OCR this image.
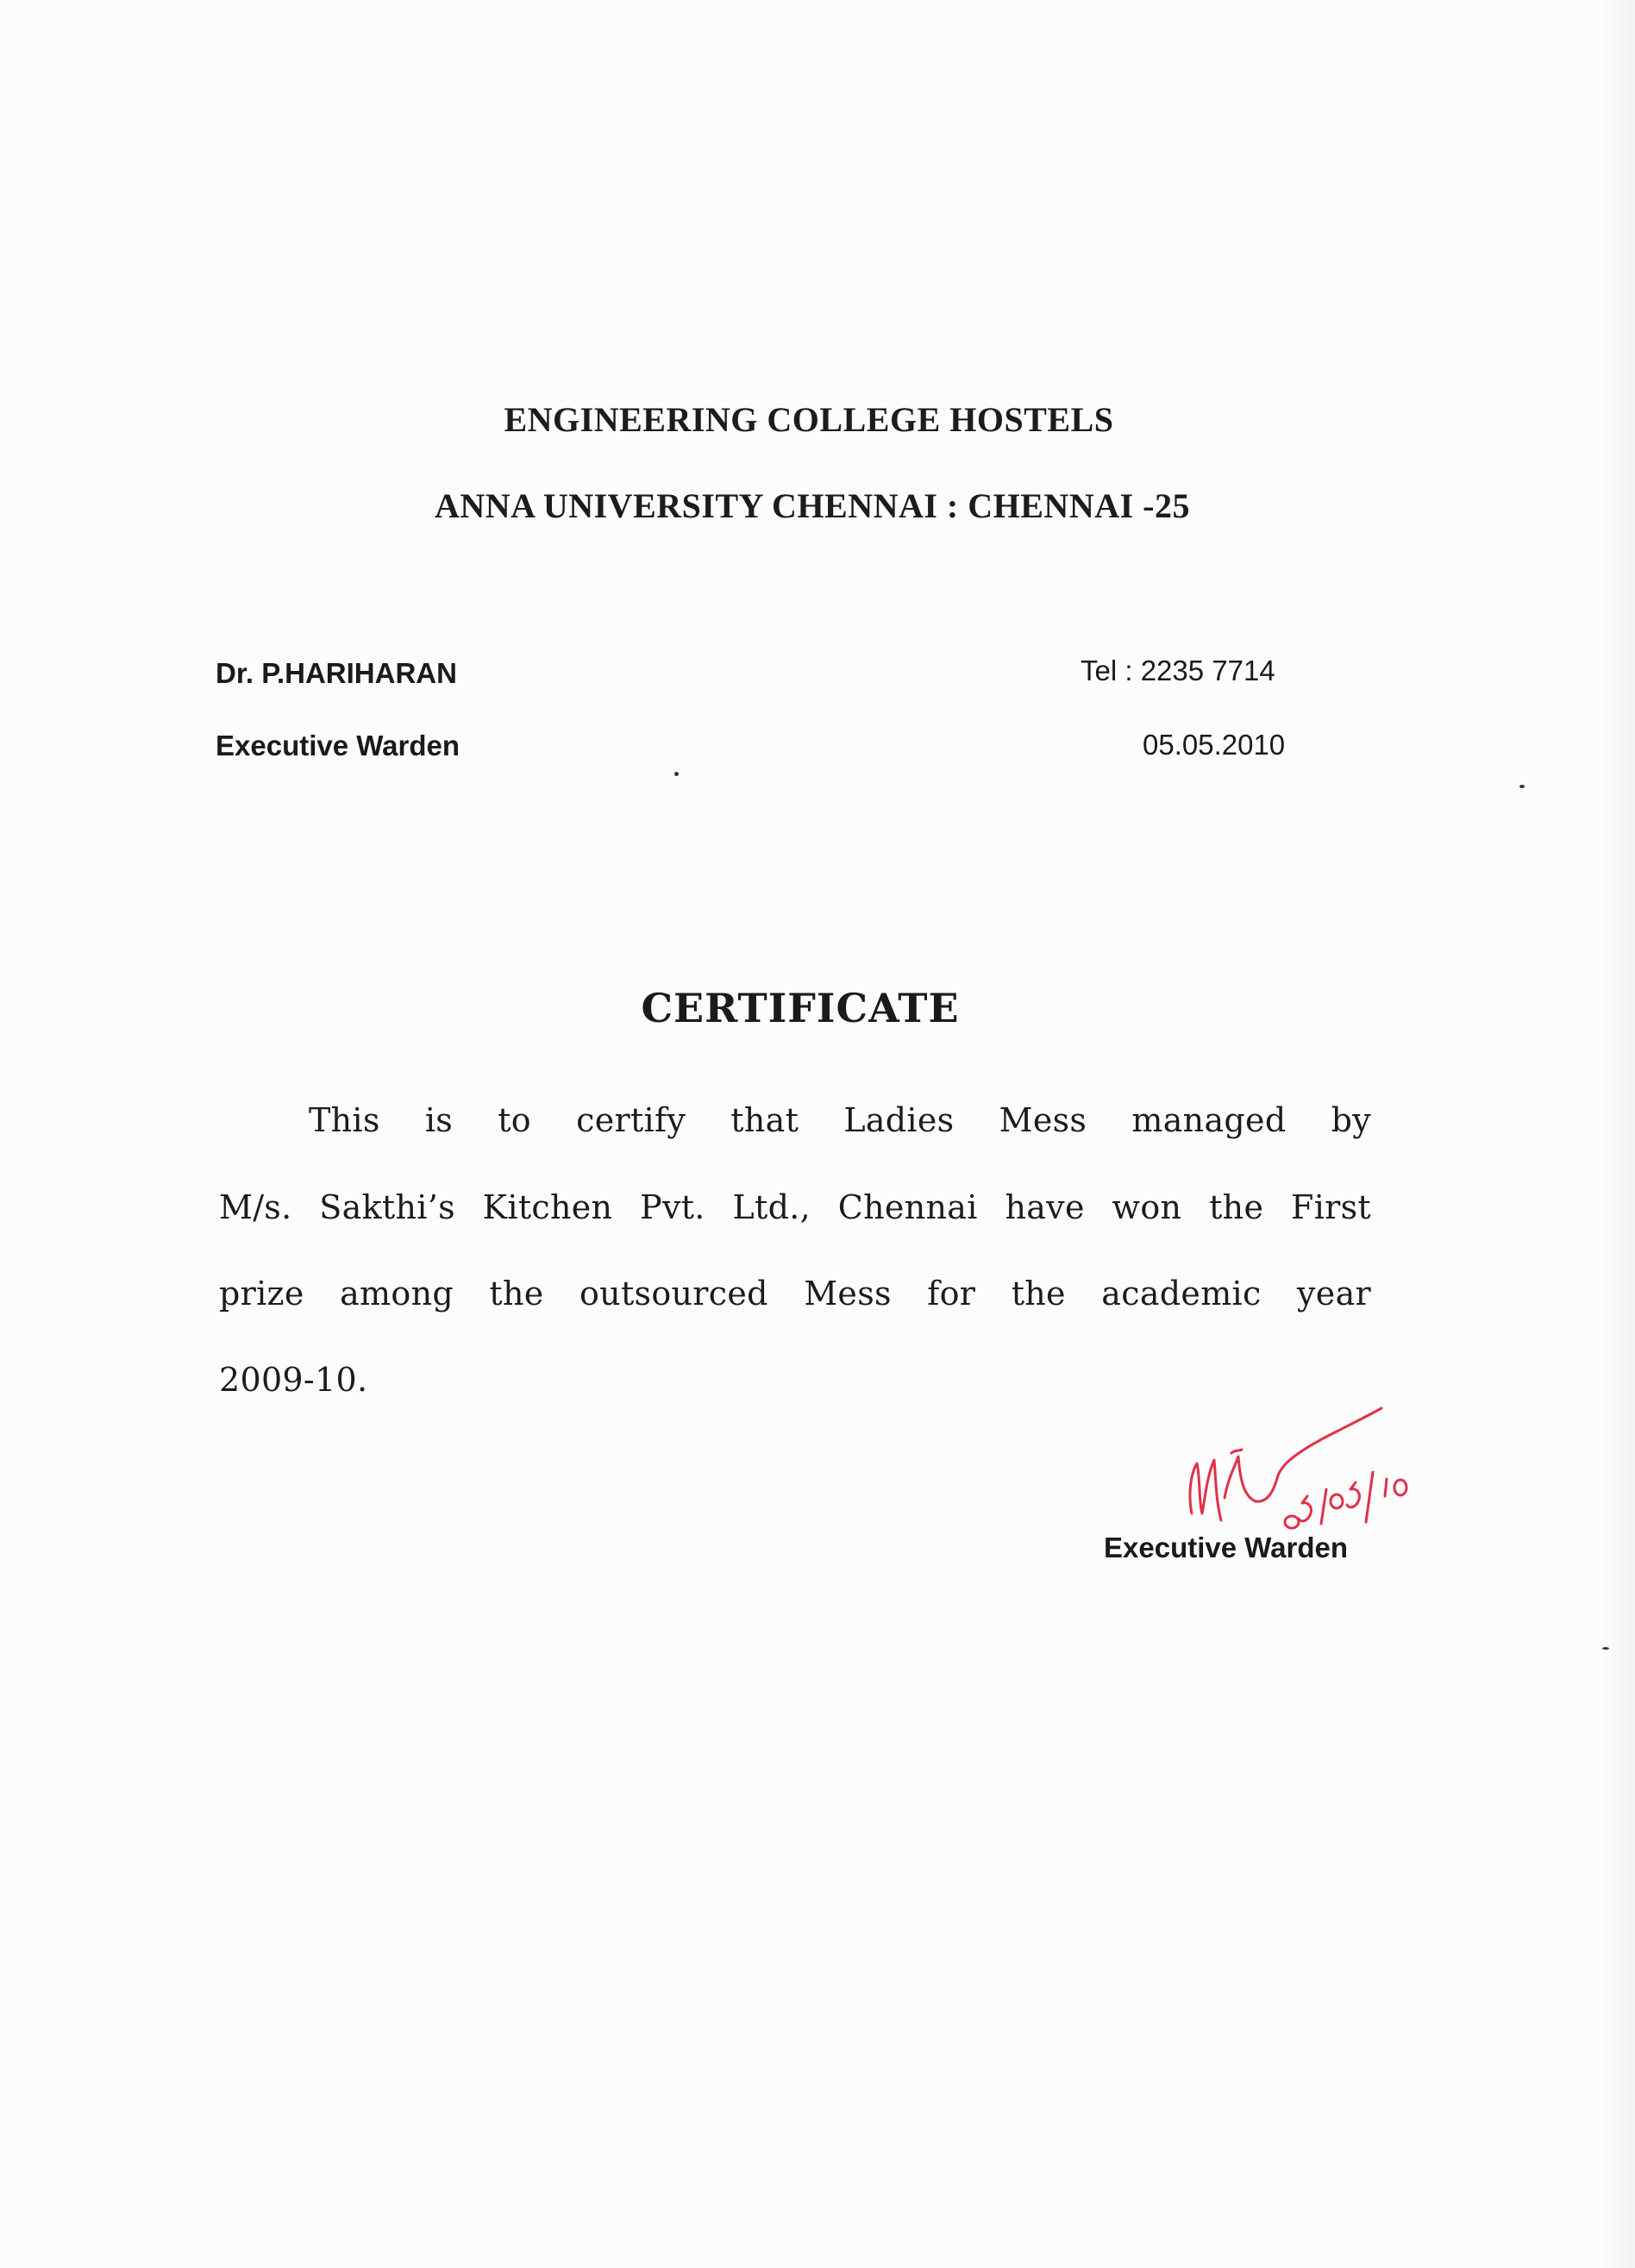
ENGINEERING COLLEGE HOSTELS
ANNA UNIVERSITY CHENNAI : CHENNAI -25
Dr. P.HARIHARAN
Executive Warden
Tel : 2235 7714
05.05.2010
CERTIFICATE
This is to certify that Ladies Mess managed by
M/s. Sakthi’s Kitchen Pvt. Ltd., Chennai have won the First
prize among the outsourced Mess for the academic year
2009-10.
Executive Warden
